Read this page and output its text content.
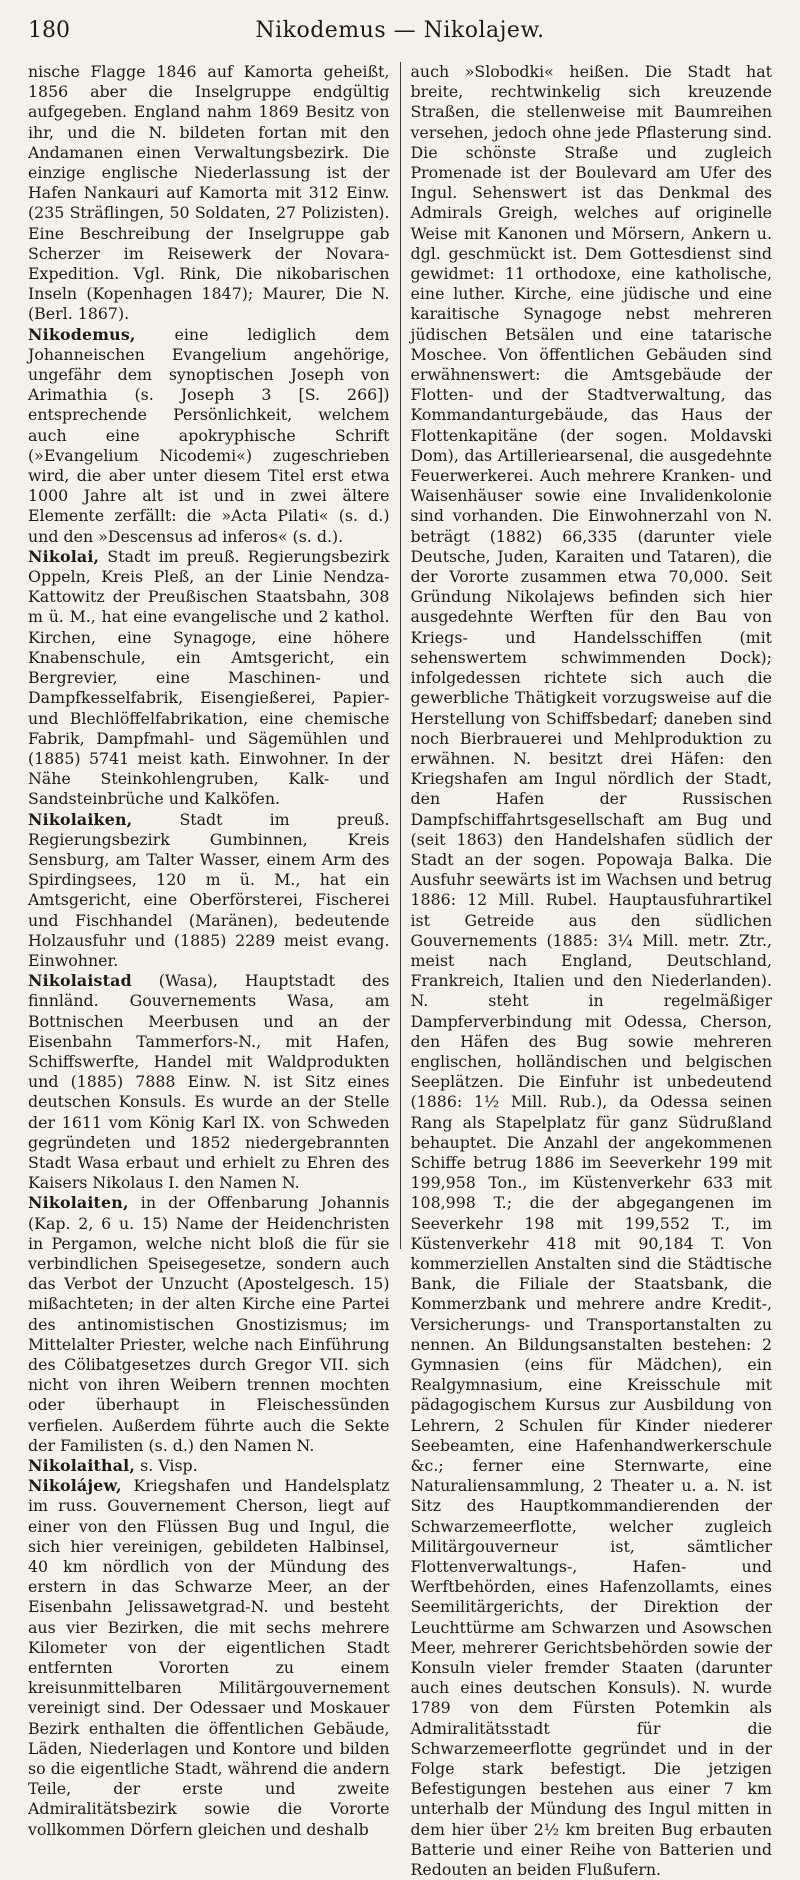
180	Nikodemus — Nikolajew.

nische Flagge 1846 auf Kamorta geheißt, 1856 aber die Inselgruppe endgültig aufgegeben. England nahm 1869 Besitz von ihr, und die N. bildeten fortan mit den Andamanen einen Verwaltungsbezirk. Die einzige englische Niederlassung ist der Hafen Nankauri auf Kamorta mit 312 Einw. (235 Sträflingen, 50 Soldaten, 27 Polizisten). Eine Beschreibung der Inselgruppe gab Scherzer im Reisewerk der Novara-Expedition. Vgl. Rink, Die nikobarischen Inseln (Kopenhagen 1847); Maurer, Die N. (Berl. 1867).

Nikodemus, eine lediglich dem Johanneischen Evangelium angehörige, ungefähr dem synoptischen Joseph von Arimathia (s. Joseph 3 [S. 266]) entsprechende Persönlichkeit, welchem auch eine apokryphische Schrift (»Evangelium Nicodemi«) zugeschrieben wird, die aber unter diesem Titel erst etwa 1000 Jahre alt ist und in zwei ältere Elemente zerfällt: die »Acta Pilati« (s. d.) und den »Descensus ad inferos« (s. d.).

Nikolai, Stadt im preuß. Regierungsbezirk Oppeln, Kreis Pleß, an der Linie Nendza-Kattowitz der Preußischen Staatsbahn, 308 m ü. M., hat eine evangelische und 2 kathol. Kirchen, eine Synagoge, eine höhere Knabenschule, ein Amtsgericht, ein Bergrevier, eine Maschinen- und Dampfkesselfabrik, Eisengießerei, Papier- und Blechlöffelfabrikation, eine chemische Fabrik, Dampfmahl- und Sägemühlen und (1885) 5741 meist kath. Einwohner. In der Nähe Steinkohlengruben, Kalk- und Sandsteinbrüche und Kalköfen.

Nikolaiken,	Stadt im preuß. Regierungsbezirk Gumbinnen, Kreis Sensburg, am Talter Wasser, einem Arm des Spirdingsees, 120 m ü. M., hat ein Amtsgericht, eine Oberförsterei, Fischerei und Fischhandel (Maränen), bedeutende Holzausfuhr und (1885) 2289 meist evang. Einwohner.

Nikolaistad (Wasa), Hauptstadt des finnländ. Gouvernements Wasa, am Bottnischen Meerbusen und an der Eisenbahn Tammerfors-N., mit Hafen, Schiffswerfte, Handel mit Waldprodukten und (1885) 7888 Einw. N. ist Sitz eines deutschen Konsuls. Es wurde an der Stelle der 1611 vom König Karl IX. von Schweden gegründeten und 1852 niedergebrannten Stadt Wasa erbaut und erhielt zu Ehren des Kaisers Nikolaus I. den Namen N.

Nikolaiten, in der Offenbarung Johannis (Kap. 2, 6 u. 15) Name der Heidenchristen in Pergamon, welche nicht bloß die für sie verbindlichen Speisegesetze, sondern auch das Verbot der Unzucht (Apostelgesch. 15) mißachteten; in der alten Kirche eine Partei des antinomistischen Gnostizismus; im Mittelalter Priester, welche nach Einführung des Cölibatgesetzes durch Gregor VII. sich nicht von ihren Weibern trennen mochten oder überhaupt in Fleischessünden verfielen. Außerdem führte auch die Sekte der Familisten (s. d.) den Namen N.

Nikolaithal, s. Visp.

Nikolájew, Kriegshafen und Handelsplatz im russ. Gouvernement Cherson, liegt auf einer von den Flüssen Bug und Ingul, die sich hier vereinigen, gebildeten Halbinsel, 40 km nördlich von der Mündung des erstern in das Schwarze Meer, an der Eisenbahn Jelissawetgrad-N. und besteht aus vier Bezirken, die mit sechs mehrere Kilometer von der eigentlichen Stadt entfernten Vororten zu einem kreisunmittelbaren Militärgouvernement vereinigt sind. Der Odessaer und Moskauer Bezirk enthalten die öffentlichen Gebäude, Läden, Niederlagen und Kontore und bilden so die eigentliche Stadt, während die andern Teile, der erste und zweite Admiralitätsbezirk sowie die Vororte vollkommen Dörfern gleichen und deshalb

auch »Slobodki« heißen. Die Stadt hat breite, rechtwinkelig sich kreuzende Straßen, die stellenweise mit Baumreihen versehen, jedoch ohne jede Pflasterung sind. Die schönste Straße und zugleich Promenade ist der Boulevard am Ufer des Ingul. Sehenswert ist das Denkmal des Admirals Greigh, welches auf originelle Weise mit Kanonen und Mörsern, Ankern u. dgl. geschmückt ist. Dem Gottesdienst sind gewidmet: 11 orthodoxe, eine katholische, eine luther. Kirche, eine jüdische und eine karaitische Synagoge nebst mehreren jüdischen Betsälen und eine tatarische Moschee. Von öffentlichen Gebäuden sind erwähnenswert: die Amtsgebäude der Flotten- und der Stadtverwaltung, das Kommandanturgebäude, das Haus der Flottenkapitäne (der sogen. Moldavski Dom), das Artilleriearsenal, die ausgedehnte Feuerwerkerei. Auch mehrere Kranken- und Waisenhäuser sowie eine Invalidenkolonie sind vorhanden. Die Einwohnerzahl von N. beträgt (1882) 66,335 (darunter viele Deutsche, Juden, Karaiten und Tataren), die der Vororte zusammen etwa 70,000. Seit Gründung Nikolajews befinden sich hier ausgedehnte Werften für den Bau von Kriegs- und Handelsschiffen (mit sehenswertem schwimmenden Dock); infolgedessen richtete sich auch die gewerbliche Thätigkeit vorzugsweise auf die Herstellung von Schiffsbedarf; daneben sind noch Bierbrauerei und Mehlproduktion zu erwähnen. N. besitzt drei Häfen: den Kriegshafen am Ingul nördlich der Stadt, den Hafen der Russischen Dampfschiffahrtsgesellschaft am Bug und (seit 1863) den Handelshafen südlich der Stadt an der sogen. Popowaja Balka. Die Ausfuhr seewärts ist im Wachsen und betrug 1886: 12 Mill. Rubel. Hauptausfuhrartikel ist Getreide aus den südlichen Gouvernements (1885: 3¼ Mill. metr. Ztr., meist nach England, Deutschland, Frankreich, Italien und den Niederlanden). N. steht in regelmäßiger Dampferverbindung mit Odessa, Cherson, den Häfen des Bug sowie mehreren englischen, holländischen und belgischen Seeplätzen. Die Einfuhr ist unbedeutend (1886: 1½ Mill. Rub.), da Odessa seinen Rang als Stapelplatz für ganz Südrußland behauptet. Die Anzahl der angekommenen Schiffe betrug 1886 im Seeverkehr 199 mit 199,958 Ton., im Küstenverkehr 633 mit 108,998 T.; die der abgegangenen im Seeverkehr 198 mit 199,552 T., im Küstenverkehr 418 mit 90,184 T. Von kommerziellen Anstalten sind die Städtische Bank, die Filiale der Staatsbank, die Kommerzbank und mehrere andre Kredit-, Versicherungs- und Transportanstalten zu nennen. An Bildungsanstalten bestehen: 2 Gymnasien (eins für Mädchen), ein Realgymnasium, eine Kreisschule mit pädagogischem Kursus zur Ausbildung von Lehrern, 2 Schulen für Kinder niederer Seebeamten, eine Hafenhandwerkerschule &c.; ferner eine Sternwarte, eine Naturaliensammlung, 2 Theater u. a. N. ist Sitz des Hauptkommandierenden der Schwarzemeerflotte, welcher zugleich Militärgouverneur ist, sämtlicher Flottenverwaltungs-, Hafen- und Werftbehörden, eines Hafenzollamts, eines Seemilitärgerichts, der Direktion der Leuchttürme am Schwarzen und Asowschen Meer, mehrerer Gerichtsbehörden sowie der Konsuln vieler fremder Staaten (darunter auch eines deutschen Konsuls). N. wurde 1789 von dem Fürsten Potemkin als Admiralitätsstadt für die Schwarzemeerflotte gegründet und in der Folge stark befestigt. Die jetzigen Befestigungen bestehen aus einer 7 km unterhalb der Mündung des Ingul mitten in dem hier über 2½ km breiten Bug erbauten Batterie und einer Reihe von Batterien und Redouten an beiden Flußufern.
